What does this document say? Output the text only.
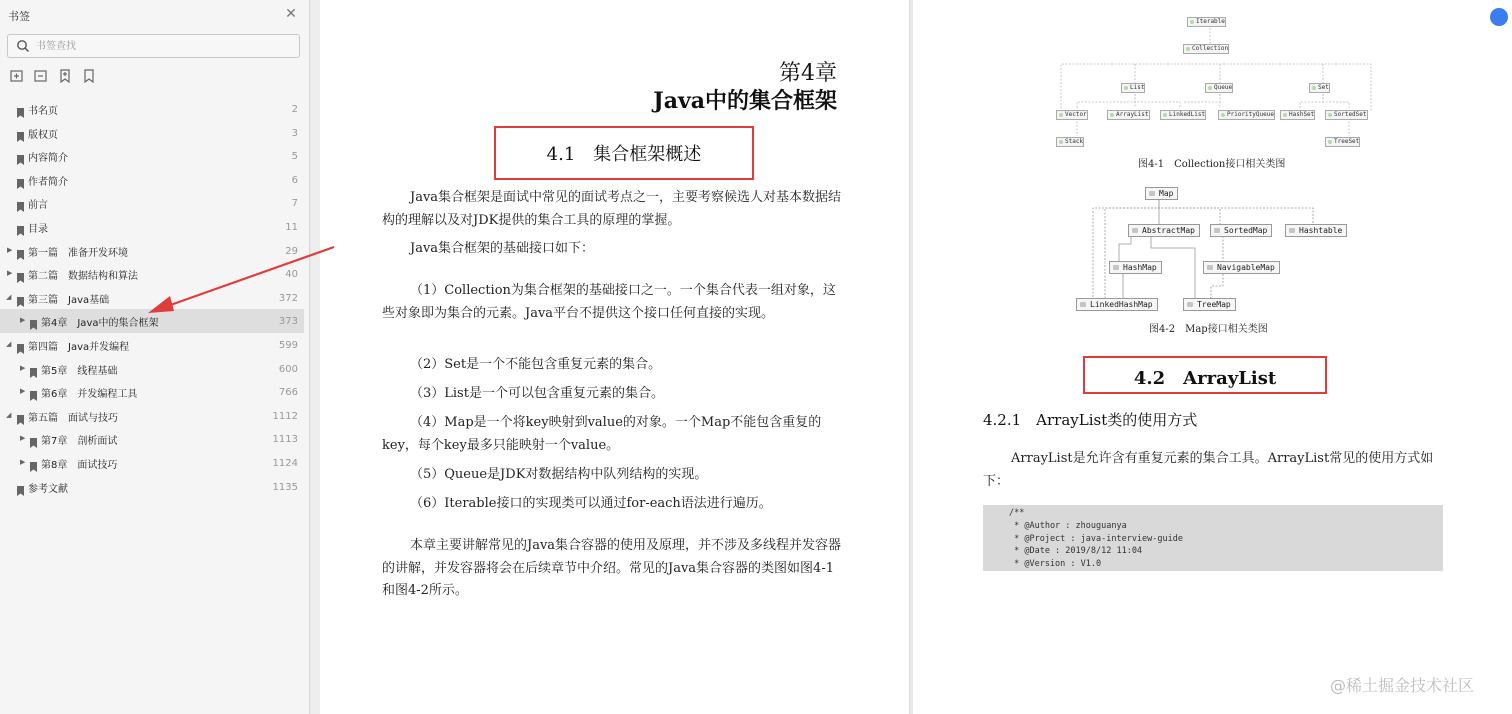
书签	✕
书签查找
书名页	2
版权页	3
内容简介	5
作者简介	6
前言	7
目录	11
▶ 第一篇　准备开发环境	29
▶ 第二篇　数据结构和算法	40
◢ 第三篇　Java基础	372
▶ 第4章　Java中的集合框架	373
◢ 第四篇　Java并发编程	599
▶ 第5章　线程基础	600
▶ 第6章　并发编程工具	766
◢ 第五篇　面试与技巧	1112
▶ 第7章　剖析面试	1113
▶ 第8章　面试技巧	1124
参考文献	1135
第4章
Java中的集合框架
4.1　集合框架概述
Java集合框架是面试中常见的面试考点之一，主要考察候选人对基本数据结构的理解以及对JDK提供的集合工具的原理的掌握。
Java集合框架的基础接口如下：
（1）Collection为集合框架的基础接口之一。一个集合代表一组对象，这些对象即为集合的元素。Java平台不提供这个接口任何直接的实现。
（2）Set是一个不能包含重复元素的集合。
（3）List是一个可以包含重复元素的集合。
（4）Map是一个将key映射到value的对象。一个Map不能包含重复的key，每个key最多只能映射一个value。
（5）Queue是JDK对数据结构中队列结构的实现。
（6）Iterable接口的实现类可以通过for-each语法进行遍历。
本章主要讲解常见的Java集合容器的使用及原理，并不涉及多线程并发容器的讲解，并发容器将会在后续章节中介绍。常见的Java集合容器的类图如图4-1和图4-2所示。
Iterable
Collection
List	Queue	Set
Vector	ArrayList	LinkedList	PriorityQueue	HashSet	SortedSet
Stack	TreeSet
图4-1　Collection接口相关类图
Map
AbstractMap	SortedMap	Hashtable
HashMap	NavigableMap
LinkedHashMap	TreeMap
图4-2　Map接口相关类图
4.2　ArrayList
4.2.1　ArrayList类的使用方式
ArrayList是允许含有重复元素的集合工具。ArrayList常见的使用方式如下：
/**
* @Author : zhouguanya
* @Project : java-interview-guide
* @Date : 2019/8/12 11:04
* @Version : V1.0
@稀土掘金技术社区
